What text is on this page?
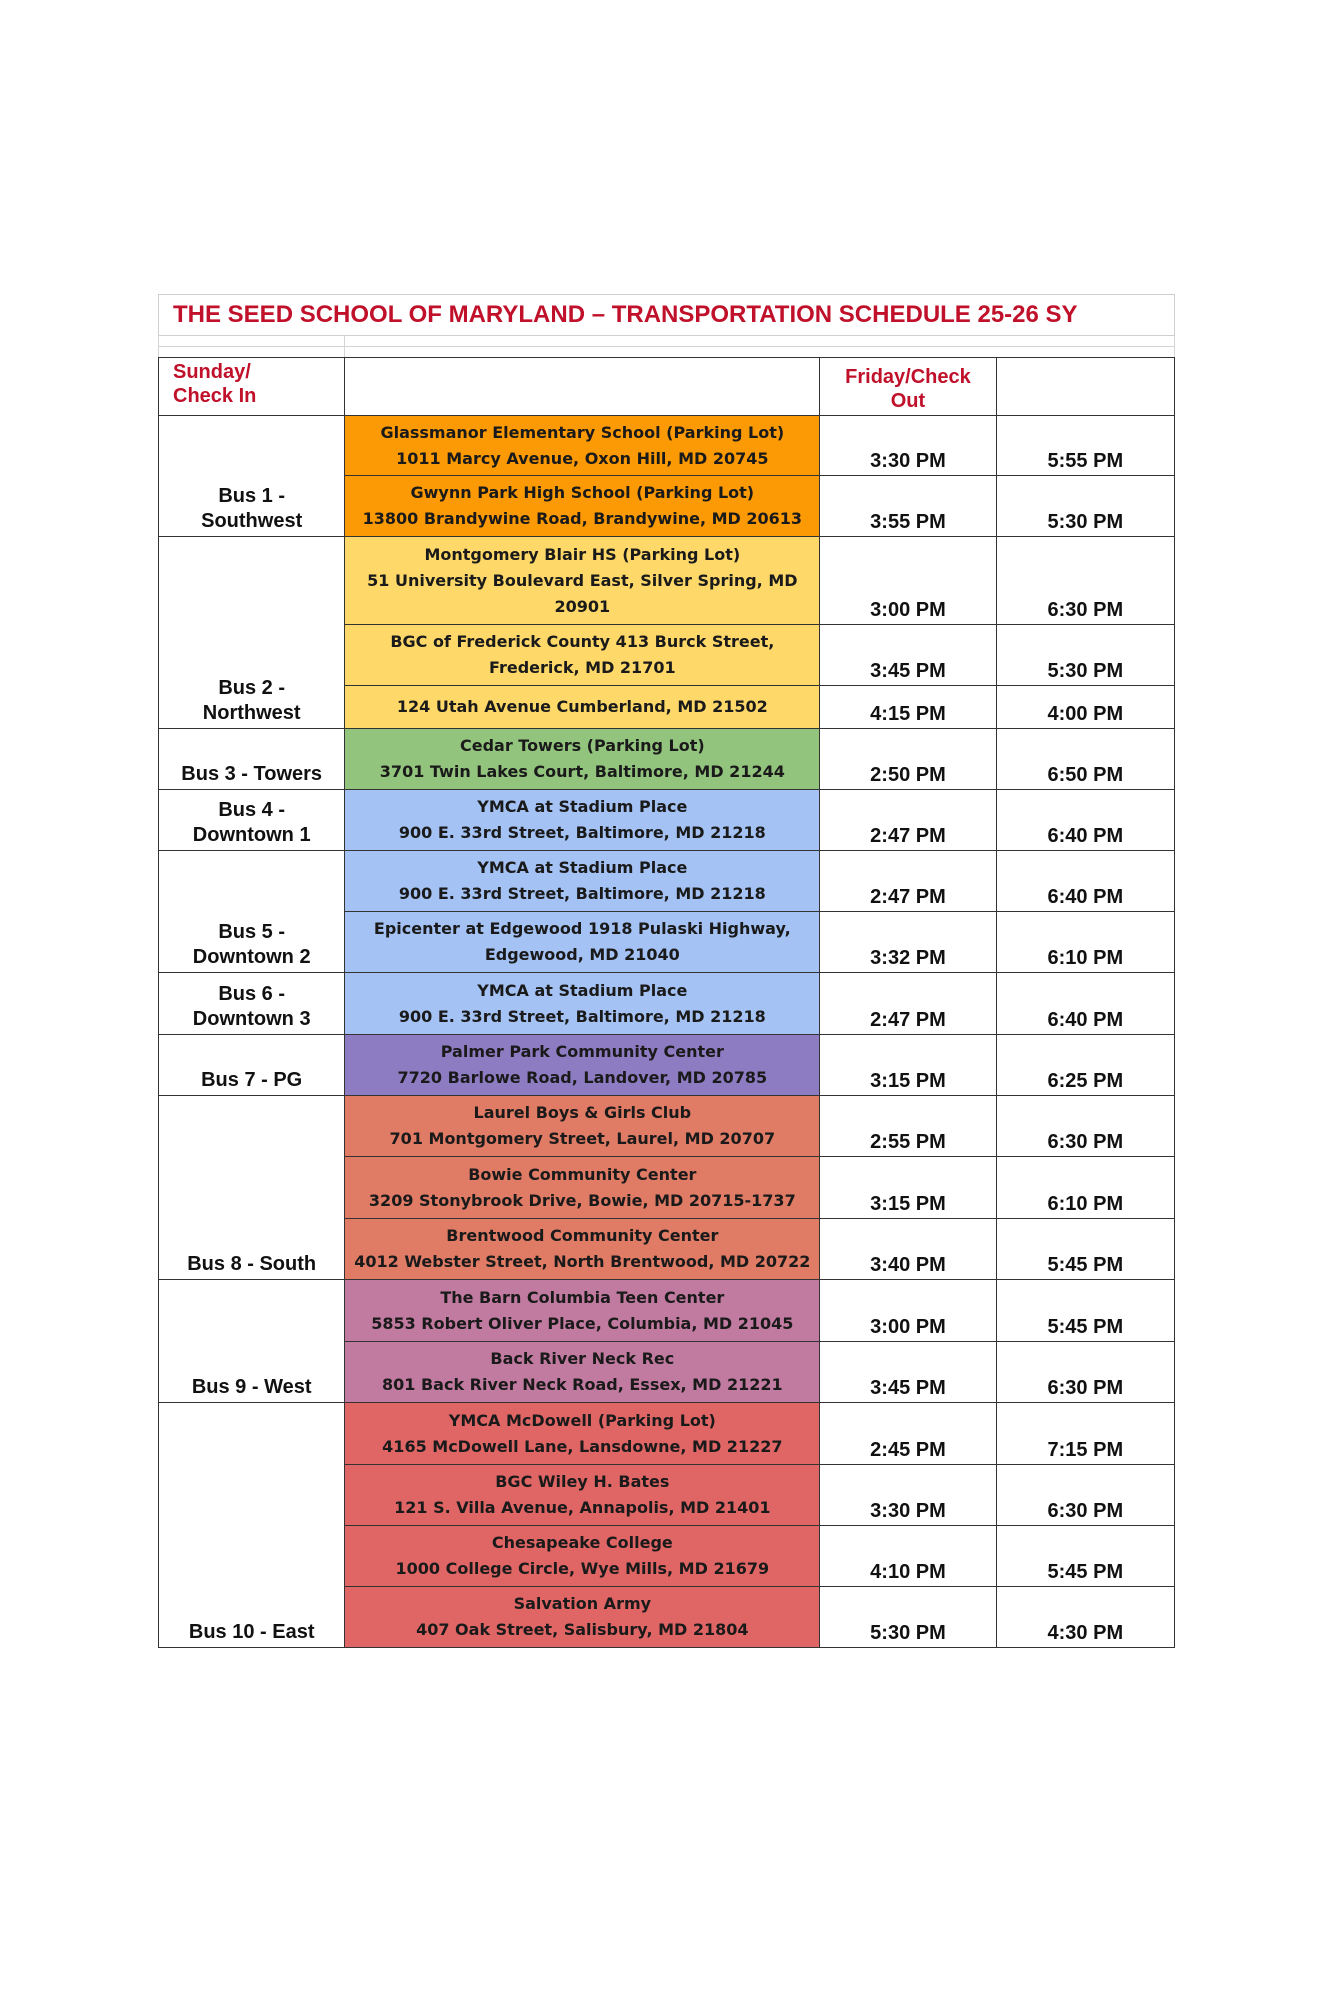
THE SEED SCHOOL OF MARYLAND – TRANSPORTATION SCHEDULE 25-26 SY
Sunday/
Check In		Friday/Check
Out	

Bus 1 -
Southwest	Glassmanor Elementary School (Parking Lot)
1011 Marcy Avenue, Oxon Hill, MD 20745	3:30 PM	5:55 PM

	Gwynn Park High School (Parking Lot)
13800 Brandywine Road, Brandywine, MD 20613	3:55 PM	5:30 PM

Bus 2 -
Northwest	Montgomery Blair HS (Parking Lot)
51 University Boulevard East, Silver Spring, MD
20901	3:00 PM	6:30 PM

	BGC of Frederick County 413 Burck Street,
Frederick, MD 21701	3:45 PM	5:30 PM

	124 Utah Avenue Cumberland, MD 21502	4:15 PM	4:00 PM

Bus 3 - Towers	Cedar Towers (Parking Lot)
3701 Twin Lakes Court, Baltimore, MD 21244	2:50 PM	6:50 PM

Bus 4 -
Downtown 1	YMCA at Stadium Place
900 E. 33rd Street, Baltimore, MD 21218	2:47 PM	6:40 PM

Bus 5 -
Downtown 2	YMCA at Stadium Place
900 E. 33rd Street, Baltimore, MD 21218	2:47 PM	6:40 PM

	Epicenter at Edgewood 1918 Pulaski Highway,
Edgewood, MD 21040	3:32 PM	6:10 PM

Bus 6 -
Downtown 3	YMCA at Stadium Place
900 E. 33rd Street, Baltimore, MD 21218	2:47 PM	6:40 PM

Bus 7 - PG	Palmer Park Community Center
7720 Barlowe Road, Landover, MD 20785	3:15 PM	6:25 PM

Bus 8 - South	Laurel Boys & Girls Club
701 Montgomery Street, Laurel, MD 20707	2:55 PM	6:30 PM

	Bowie Community Center
3209 Stonybrook Drive, Bowie, MD 20715-1737	3:15 PM	6:10 PM

	Brentwood Community Center
4012 Webster Street, North Brentwood, MD 20722	3:40 PM	5:45 PM

Bus 9 - West	The Barn Columbia Teen Center
5853 Robert Oliver Place, Columbia, MD 21045	3:00 PM	5:45 PM

	Back River Neck Rec
801 Back River Neck Road, Essex, MD 21221	3:45 PM	6:30 PM

Bus 10 - East	YMCA McDowell (Parking Lot)
4165 McDowell Lane, Lansdowne, MD 21227	2:45 PM	7:15 PM

	BGC Wiley H. Bates
121 S. Villa Avenue, Annapolis, MD 21401	3:30 PM	6:30 PM

	Chesapeake College
1000 College Circle, Wye Mills, MD 21679	4:10 PM	5:45 PM

	Salvation Army
407 Oak Street, Salisbury, MD 21804	5:30 PM	4:30 PM
